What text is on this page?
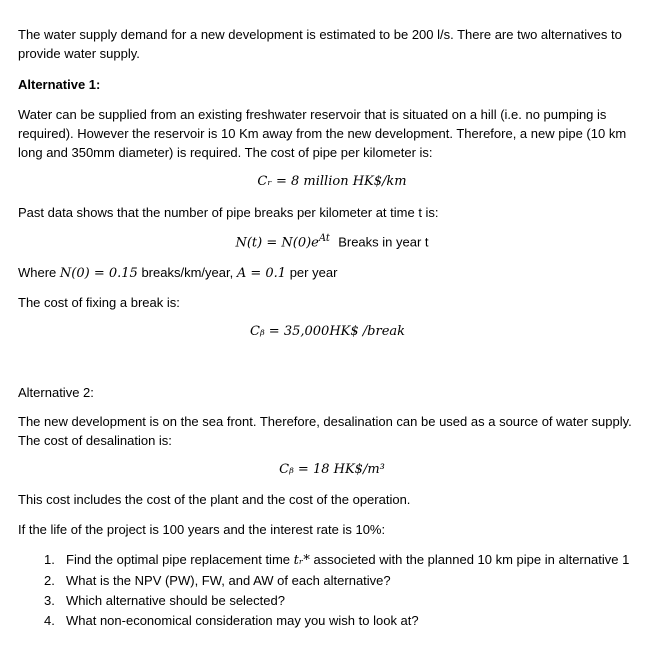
The water supply demand for a new development is estimated to be 200 l/s. There are two alternatives to provide water supply.

Alternative 1:

Water can be supplied from an existing freshwater reservoir that is situated on a hill (i.e. no pumping is required). However the reservoir is 10 Km away from the new development. Therefore, a new pipe (10 km long and 350mm diameter) is required. The cost of pipe per kilometer is:

Cᵣ = 8 million HK$/km

Past data shows that the number of pipe breaks per kilometer at time t is:

$N(t) = N(0)e^{At}$ Breaks in year t

Where N(0) = 0.15 breaks/km/year, A = 0.1 per year

The cost of fixing a break is:

Cᵦ = 35,000HK$ /break

Alternative 2:

The new development is on the sea front. Therefore, desalination can be used as a source of water supply. The cost of desalination is:

Cᵦ = 18 HK$/m³

This cost includes the cost of the plant and the cost of the operation.

If the life of the project is 100 years and the interest rate is 10%:

1. Find the optimal pipe replacement time tᵣ* associeted with the planned 10 km pipe in alternative 1
2. What is the NPV (PW), FW, and AW of each alternative?
3. Which alternative should be selected?
4. What non-economical consideration may you wish to look at?
